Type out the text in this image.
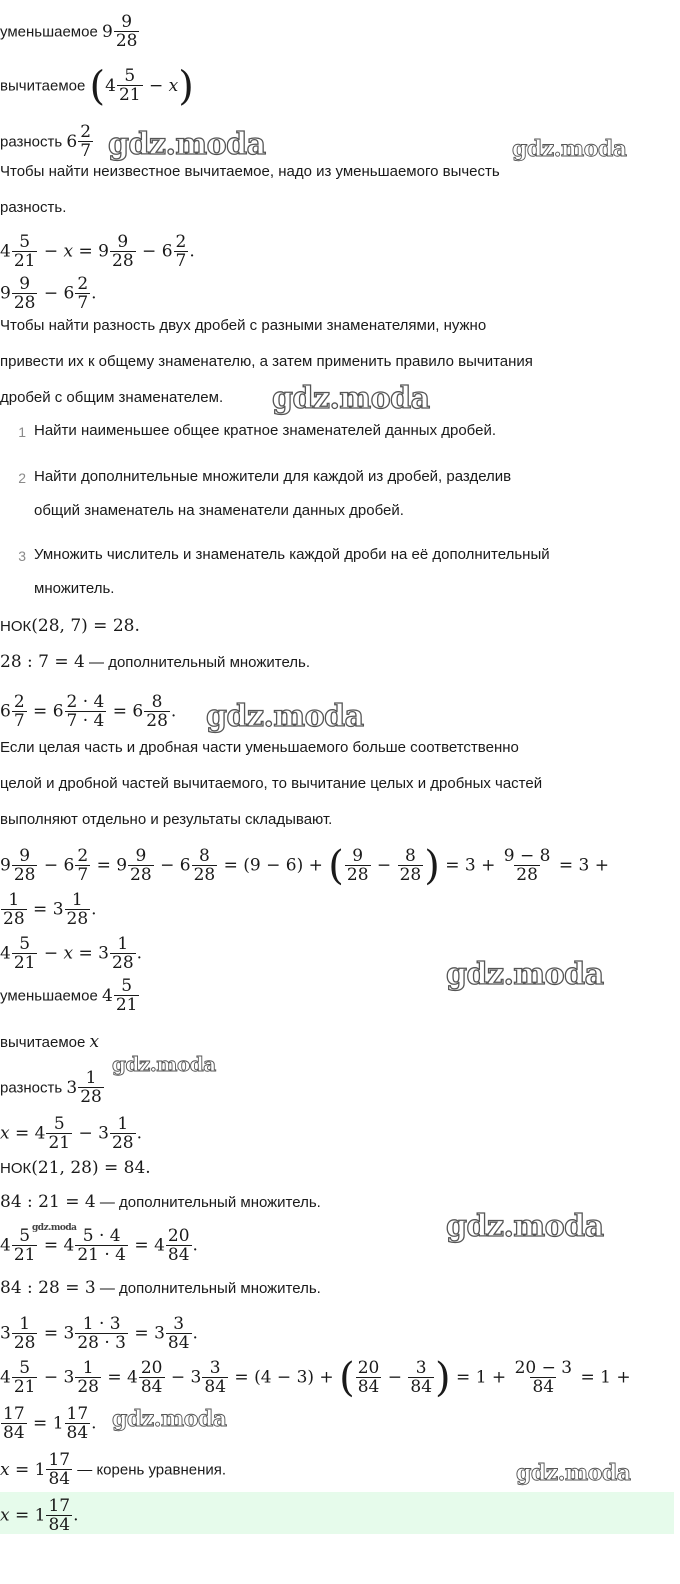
уменьшаемое $9 \frac{9}{28}$
вычитаемое $(4 \frac{5}{21} - x)$
разность $6 \frac{2}{7}$ gdz.moda	gdz.moda
Чтобы найти неизвестное вычитаемое, надо из уменьшаемого вычесть
разность.
$4 \frac{5}{21} - x = 9 \frac{9}{28} - 6 \frac{2}{7}$ .
$9 \frac{9}{28} - 6 \frac{2}{7}$ .
Чтобы найти разность двух дробей с разными знаменателями, нужно
привести их к общему знаменателю, а затем применить правило вычитания
дробей с общим знаменателем. gdz.moda
1 Найти наименьшее общее кратное знаменателей данных дробей.
2 Найти дополнительные множители для каждой из дробей, разделив
общий знаменатель на знаменатели данных дробей.
3 Умножить числитель и знаменатель каждой дроби на её дополнительный
множитель.
НОК(28, 7) = 28.
28 : 7 = 4 — дополнительный множитель.
$6 \frac{2}{7} = 6 \frac{2 \cdot 4}{7 \cdot 4} = 6 \frac{8}{28}$ . gdz.moda
Если целая часть и дробная части уменьшаемого больше соответственно
целой и дробной частей вычитаемого, то вычитание целых и дробных частей
выполняют отдельно и результаты складывают.
$9 \frac{9}{28} - 6 \frac{2}{7} = 9 \frac{9}{28} - 6 \frac{8}{28} = (9 - 6)$ + ( $\frac{9}{28} - \frac{8}{28}$ ) = $3 + \frac{9 - 8}{28} = 3$ +
$\frac{1}{28} = 3 \frac{1}{28}$ .
$4 \frac{5}{21} - x = 3 \frac{1}{28}$ .
gdz.moda
уменьшаемое $4 \frac{5}{21}$
вычитаемое x
разность $3 \frac{1}{28}$
gdz.moda
$x = 4 \frac{5}{21} - 3 \frac{1}{28}$ .
НОК(21, 28) = 84.
84 : 21 = 4 — дополнительный множитель.
$4 \frac{5}{21} = 4 \frac{5 \cdot 4}{21 \cdot 4} = 4 \frac{20}{84}$ .
gdz.moda	gdz.moda
84 : 28 = 3 — дополнительный множитель.
$3 \frac{1}{28} = 3 \frac{1 \cdot 3}{28 \cdot 3} = 3 \frac{3}{84}$ .
$4 \frac{5}{21} - 3 \frac{1}{28} = 4 \frac{20}{84} - 3 \frac{3}{84} = (4 - 3)$ + ( $\frac{20}{84} - \frac{3}{84}$ ) = $1 + \frac{20 - 3}{84} = 1$ +
$\frac{17}{84} = 1 \frac{17}{84}$ . gdz.moda
$x = 1 \frac{17}{84}$ — корень уравнения.	gdz.moda
$x = 1 \frac{17}{84}$ .
